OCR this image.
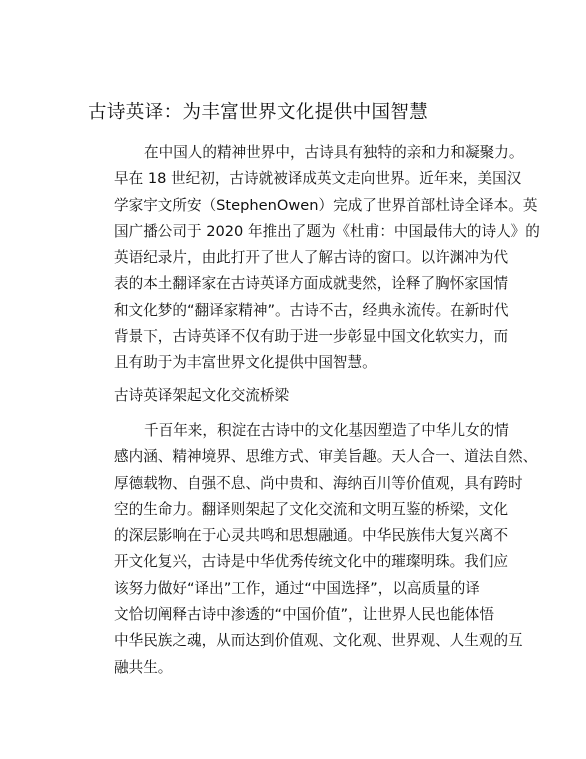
古诗英译：为丰富世界文化提供中国智慧
在中国人的精神世界中，古诗具有独特的亲和力和凝聚力。
早在 18 世纪初，古诗就被译成英文走向世界。近年来，美国汉
学家宇文所安（StephenOwen）完成了世界首部杜诗全译本。英
国广播公司于 2020 年推出了题为《杜甫：中国最伟大的诗人》的
英语纪录片，由此打开了世人了解古诗的窗口。以许渊冲为代
表的本土翻译家在古诗英译方面成就斐然，诠释了胸怀家国情
和文化梦的“翻译家精神”。古诗不古，经典永流传。在新时代
背景下，古诗英译不仅有助于进一步彰显中国文化软实力，而
且有助于为丰富世界文化提供中国智慧。
古诗英译架起文化交流桥梁
千百年来，积淀在古诗中的文化基因塑造了中华儿女的情
感内涵、精神境界、思维方式、审美旨趣。天人合一、道法自然、
厚德载物、自强不息、尚中贵和、海纳百川等价值观，具有跨时
空的生命力。翻译则架起了文化交流和文明互鉴的桥梁，文化
的深层影响在于心灵共鸣和思想融通。中华民族伟大复兴离不
开文化复兴，古诗是中华优秀传统文化中的璀璨明珠。我们应
该努力做好“译出”工作，通过“中国选择”，以高质量的译
文恰切阐释古诗中渗透的“中国价值”，让世界人民也能体悟
中华民族之魂，从而达到价值观、文化观、世界观、人生观的互
融共生。
